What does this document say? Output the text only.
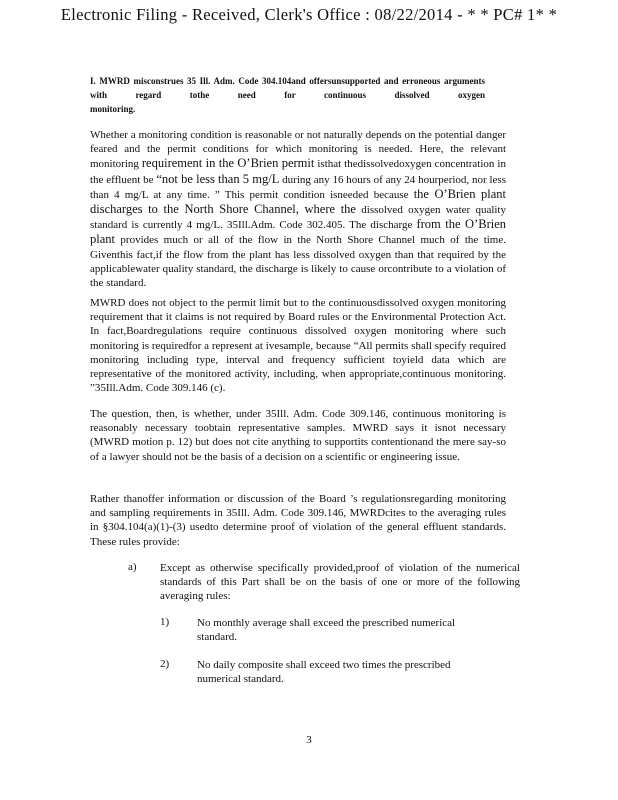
Electronic Filing - Received, Clerk's Office : 08/22/2014 - * * PC# 1* *
I. MWRD misconstrues 35 Ill. Adm. Code 304.104and offersunsupported and erroneous arguments with regard tothe need for continuous dissolved oxygen
monitoring.

Whether a monitoring condition is reasonable or not naturally depends on the potential danger feared and the permit conditions for which monitoring is needed. Here, the relevant monitoring requirement in the O’Brien permit isthat thedissolvedoxygen concentration in the effluent be “not be less than 5 mg/L during any 16 hours of any 24 hourperiod, nor less than 4 mg/L at any time. ” This permit condition isneeded because the O’Brien plant discharges to the North Shore Channel, where the dissolved oxygen water quality standard is currently 4 mg/L. 35Ill.Adm. Code 302.405. The discharge from the O’Brien plant provides much or all of the flow in the North Shore Channel much of the time. Giventhis fact,if the flow from the plant has less dissolved oxygen than that required by the applicablewater quality standard, the discharge is likely to cause orcontribute to a violation of the standard.

MWRD does not object to the permit limit but to the continuousdissolved oxygen monitoring requirement that it claims is not required by Board rules or the Environmental Protection Act. In fact,Boardregulations require continuous dissolved oxygen monitoring where such monitoring is requiredfor a represent at ivesample, because “All permits shall specify required monitoring including type, interval and frequency sufficient toyield data which are representative of the monitored activity, including, when appropriate,continuous monitoring. ”35Ill.Adm. Code 309.146 (c).

The question, then, is whether, under 35Ill. Adm. Code 309.146, continuous monitoring is reasonably necessary toobtain representative samples. MWRD says it isnot necessary (MWRD motion p. 12) but does not cite anything to supportits contentionand the mere say-so of a lawyer should not be the basis of a decision on a scientific or engineering issue.

Rather thanoffer information or discussion of the Board ’s regulationsregarding monitoring and sampling requirements in 35Ill. Adm. Code 309.146, MWRDcites to the averaging rules in §304.104(a)(1)-(3) usedto determine proof of violation of the general effluent standards. These rules provide:

a) Except as otherwise specifically provided,proof of violation of the numerical standards of this Part shall be on the basis of one or more of the following averaging rules:
1)	No monthly average shall exceed the prescribed numerical standard.
2)	No daily composite shall exceed two times the prescribed numerical standard.
3
